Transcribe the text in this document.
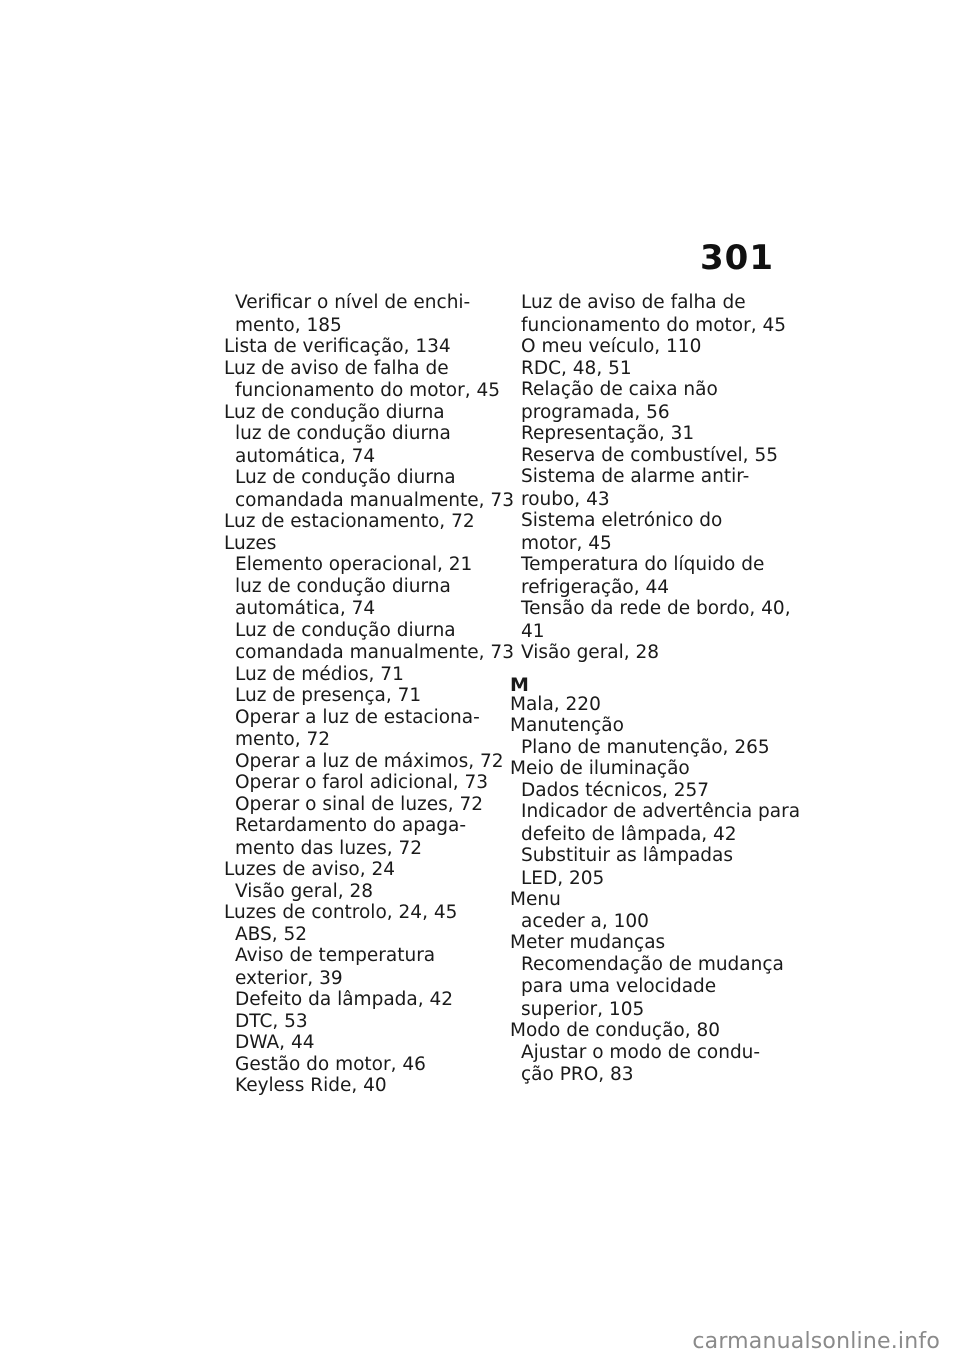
301
Verificar o nível de enchi-
mento, 185
Lista de verificação, 134
Luz de aviso de falha de
funcionamento do motor, 45
Luz de condução diurna
luz de condução diurna
automática, 74
Luz de condução diurna
comandada manualmente, 73
Luz de estacionamento, 72
Luzes
Elemento operacional, 21
luz de condução diurna
automática, 74
Luz de condução diurna
comandada manualmente, 73
Luz de médios, 71
Luz de presença, 71
Operar a luz de estaciona-
mento, 72
Operar a luz de máximos, 72
Operar o farol adicional, 73
Operar o sinal de luzes, 72
Retardamento do apaga-
mento das luzes, 72
Luzes de aviso, 24
Visão geral, 28
Luzes de controlo, 24, 45
ABS, 52
Aviso de temperatura
exterior, 39
Defeito da lâmpada, 42
DTC, 53
DWA, 44
Gestão do motor, 46
Keyless Ride, 40
Luz de aviso de falha de
funcionamento do motor, 45
O meu veículo, 110
RDC, 48, 51
Relação de caixa não
programada, 56
Representação, 31
Reserva de combustível, 55
Sistema de alarme antir-
roubo, 43
Sistema eletrónico do
motor, 45
Temperatura do líquido de
refrigeração, 44
Tensão da rede de bordo, 40,
41
Visão geral, 28
M
Mala, 220
Manutenção
Plano de manutenção, 265
Meio de iluminação
Dados técnicos, 257
Indicador de advertência para
defeito de lâmpada, 42
Substituir as lâmpadas
LED, 205
Menu
aceder a, 100
Meter mudanças
Recomendação de mudança
para uma velocidade
superior, 105
Modo de condução, 80
Ajustar o modo de condu-
ção PRO, 83
carmanualsonline.info
